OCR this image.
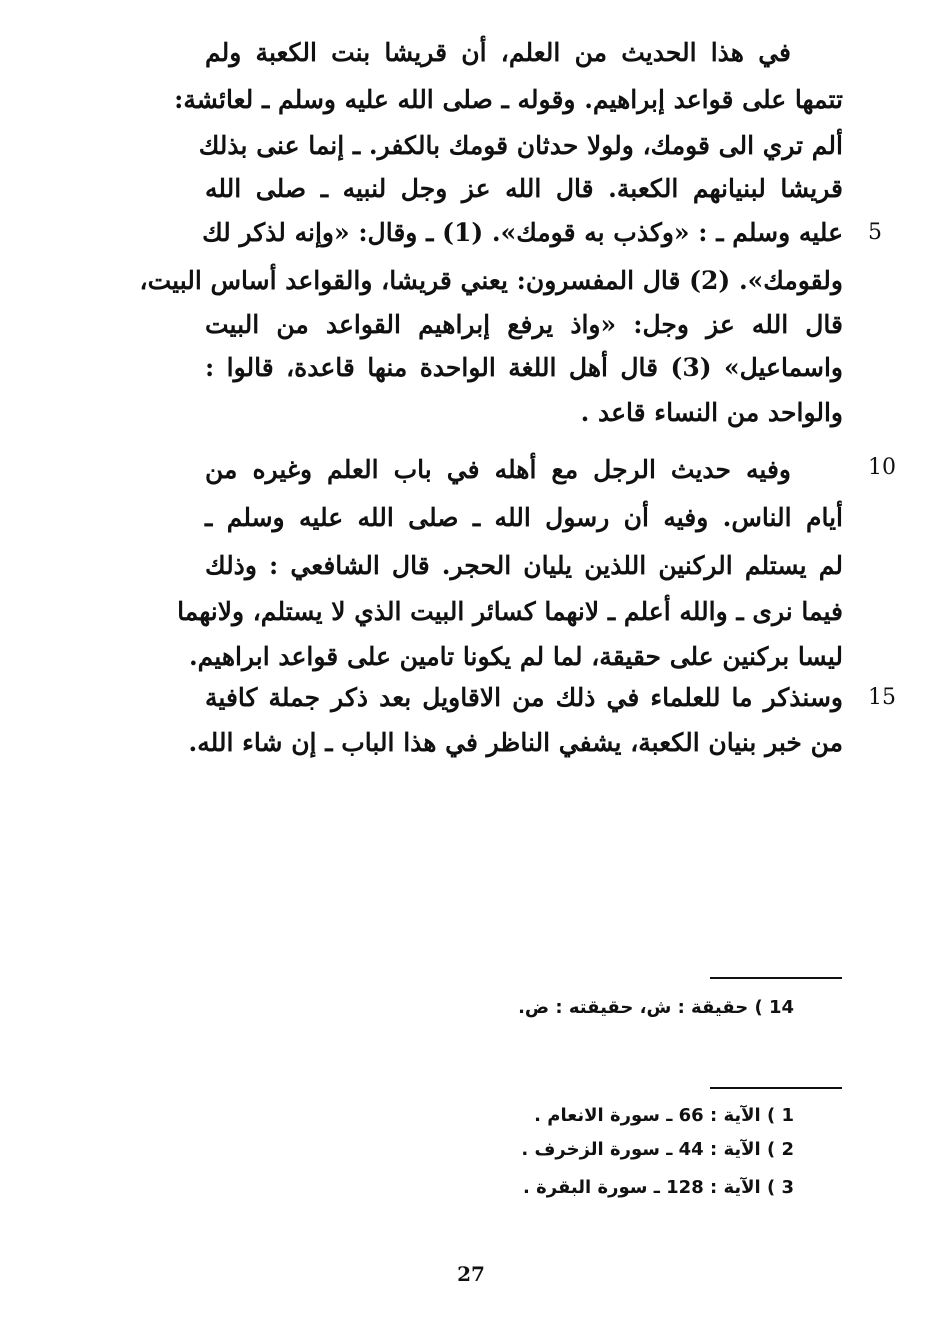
في هذا الحديث من العلم، أن قريشا بنت الكعبة ولم
تتمها على قواعد إبراهيم. وقوله ـ صلى الله عليه وسلم ـ لعائشة:
ألم تري الى قومك، ولولا حدثان قومك بالكفر. ـ إنما عنى بذلك
قريشا لبنيانهم الكعبة. قال الله عز وجل لنبيه ـ صلى الله
عليه وسلم ـ : «وكذب به قومك». (1) ـ وقال: «وإنه لذكر لك 5
ولقومك». (2) قال المفسرون: يعني قريشا، والقواعد أساس البيت،
قال الله عز وجل: «واذ يرفع إبراهيم القواعد من البيت
واسماعيل» (3) قال أهل اللغة الواحدة منها قاعدة، قالوا :
والواحد من النساء قاعد .
وفيه حديث الرجل مع أهله في باب العلم وغيره من	10
أيام الناس. وفيه أن رسول الله ـ صلى الله عليه وسلم ـ
لم يستلم الركنين اللذين يليان الحجر. قال الشافعي : وذلك
فيما نرى ـ والله أعلم ـ لانهما كسائر البيت الذي لا يستلم، ولانهما
ليسا بركنين على حقيقة، لما لم يكونا تامين على قواعد ابراهيم.
وسنذكر ما للعلماء في ذلك من الاقاويل بعد ذكر جملة كافية 15
من خبر بنيان الكعبة، يشفي الناظر في هذا الباب ـ إن شاء الله.
14 ) حقيقة : ش، حقيقته : ض.
1 ) الآية : 66 ـ سورة الانعام .
2 ) الآية : 44 ـ سورة الزخرف .
3 ) الآية : 128 ـ سورة البقرة .
27
